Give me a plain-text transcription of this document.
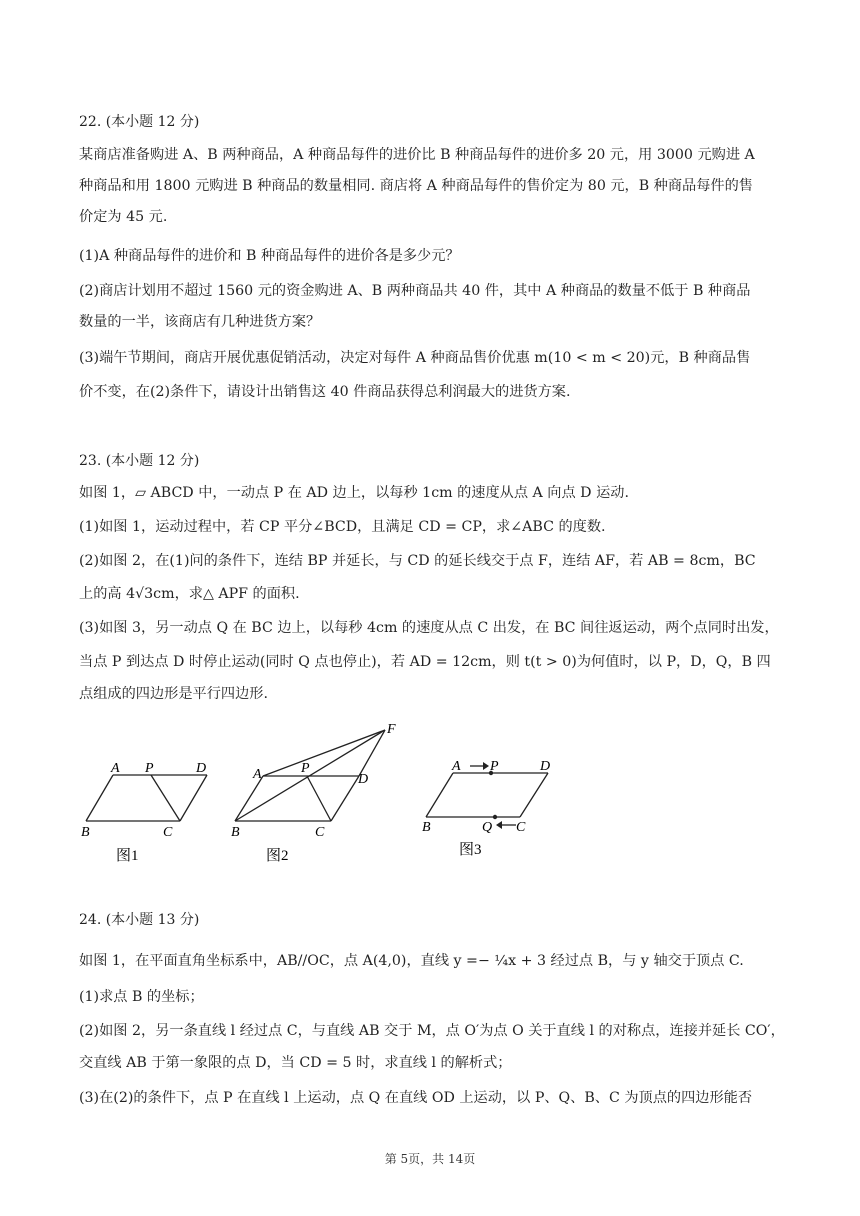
22. (本小题 12 分)

某商店准备购进 A、B 两种商品，A 种商品每件的进价比 B 种商品每件的进价多 20 元，用 3000 元购进 A

种商品和用 1800 元购进 B 种商品的数量相同. 商店将 A 种商品每件的售价定为 80 元，B 种商品每件的售

价定为 45 元.

(1)A 种商品每件的进价和 B 种商品每件的进价各是多少元？

(2)商店计划用不超过 1560 元的资金购进 A、B 两种商品共 40 件，其中 A 种商品的数量不低于 B 种商品

数量的一半，该商店有几种进货方案？

(3)端午节期间，商店开展优惠促销活动，决定对每件 A 种商品售价优惠 m(10 < m < 20)元，B 种商品售

价不变，在(2)条件下，请设计出销售这 40 件商品获得总利润最大的进货方案.

23. (本小题 12 分)

如图 1，▱ ABCD 中，一动点 P 在 AD 边上，以每秒 1cm 的速度从点 A 向点 D 运动.

(1)如图 1，运动过程中，若 CP 平分∠BCD，且满足 CD = CP，求∠ABC 的度数.

(2)如图 2，在(1)问的条件下，连结 BP 并延长，与 CD 的延长线交于点 F，连结 AF，若 AB = 8cm，BC

上的高 4√3cm，求△ APF 的面积.

(3)如图 3，另一动点 Q 在 BC 边上，以每秒 4cm 的速度从点 C 出发，在 BC 间往返运动，两个点同时出发，

当点 P 到达点 D 时停止运动(同时 Q 点也停止)，若 AD = 12cm，则 t(t > 0)为何值时，以 P，D，Q，B 四

点组成的四边形是平行四边形.

A P	D
B	C
图1
A	P
D
B	C
F
图2
A P	D
B	Q C
图3

24. (本小题 13 分)

如图 1，在平面直角坐标系中，AB//OC，点 A(4,0)，直线 y =− ¼x + 3 经过点 B，与 y 轴交于顶点 C.

(1)求点 B 的坐标；

(2)如图 2，另一条直线 l 经过点 C，与直线 AB 交于 M，点 O′为点 O 关于直线 l 的对称点，连接并延长 CO′，

交直线 AB 于第一象限的点 D，当 CD = 5 时，求直线 l 的解析式；

(3)在(2)的条件下，点 P 在直线 l 上运动，点 Q 在直线 OD 上运动，以 P、Q、B、C 为顶点的四边形能否

第 5页，共 14页
